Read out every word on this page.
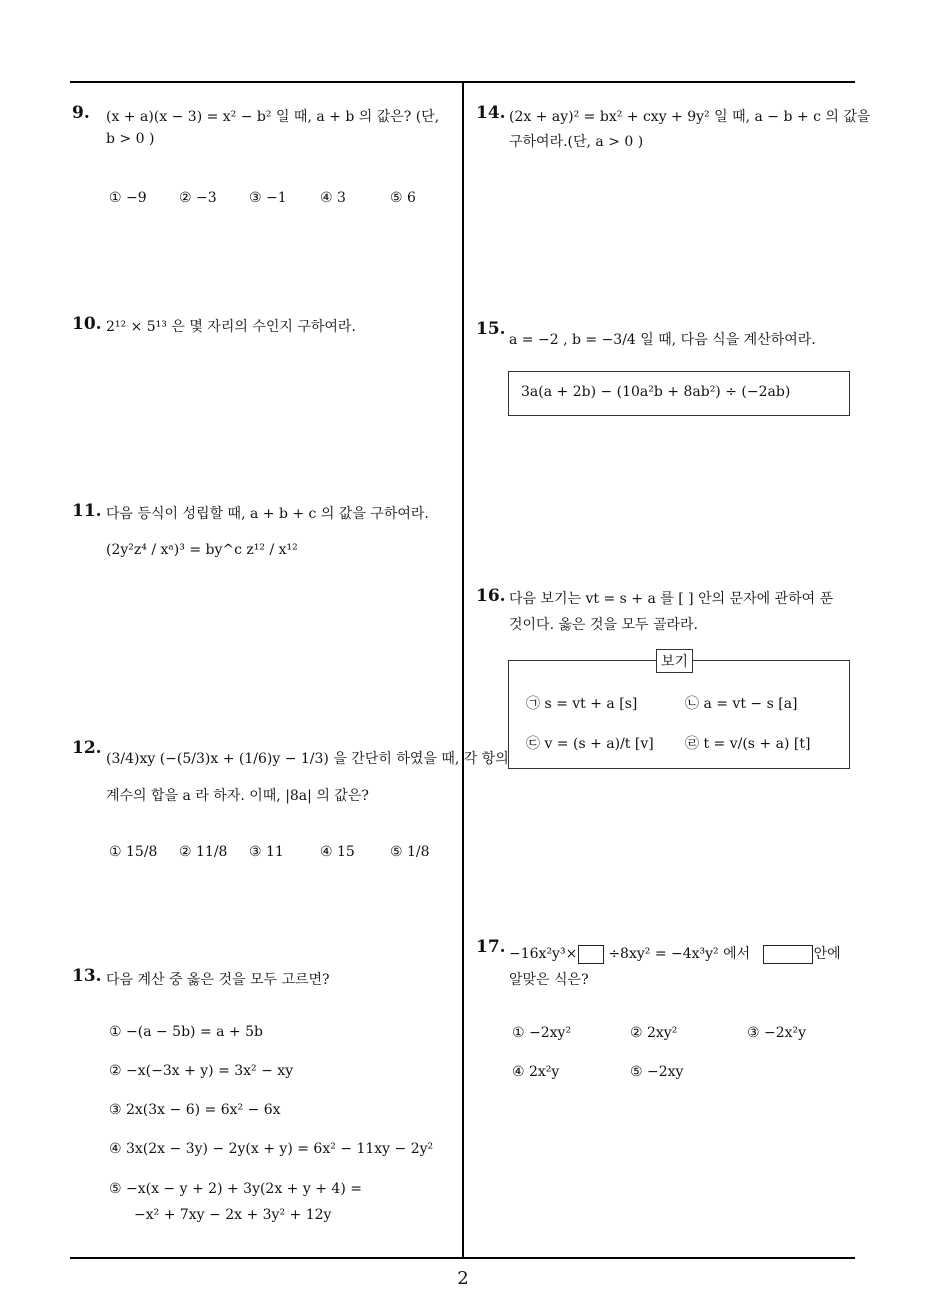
9. (x + a)(x − 3) = x² − b² 일 때, a + b 의 값은? (단,
b > 0 )
① −9 ② −3 ③ −1 ④ 3	⑤ 6
10. 2¹² × 5¹³ 은 몇 자리의 수인지 구하여라.
11. 다음 등식이 성립할 때, a + b + c 의 값을 구하여라.
(2y²z⁴ / xᵃ)³ = by^c z¹² / x¹²
12.
(3/4)xy (−(5/3)x + (1/6)y − 1/3) 을 간단히 하였을 때, 각 항의
계수의 합을 a 라 하자. 이때, |8a| 의 값은?
① 15/8 ② 11/8 ③ 11	④ 15	⑤ 1/8
13. 다음 계산 중 옳은 것을 모두 고르면?
① −(a − 5b) = a + 5b
② −x(−3x + y) = 3x² − xy
③ 2x(3x − 6) = 6x² − 6x
④ 3x(2x − 3y) − 2y(x + y) = 6x² − 11xy − 2y²
⑤ −x(x − y + 2) + 3y(2x + y + 4) =
−x² + 7xy − 2x + 3y² + 12y
14. (2x + ay)² = bx² + cxy + 9y² 일 때, a − b + c 의 값을
구하여라.(단, a > 0 )
15.
a = −2 , b = −3/4 일 때, 다음 식을 계산하여라.
3a(a + 2b) − (10a²b + 8ab²) ÷ (−2ab)
16. 다음 보기는 vt = s + a 를 [ ] 안의 문자에 관하여 푼
것이다. 옳은 것을 모두 골라라.
㉠ s = vt + a [s]	㉡ a = vt − s [a]
㉢ v = (s + a)/t [v] ㉣ t = v/(s + a) [t]
보기
17. −16x²y³× ÷8xy² = −4x³y² 에서	안에
알맞은 식은?
① −2xy²	② 2xy²	③ −2x²y
④ 2x²y	⑤ −2xy
2
